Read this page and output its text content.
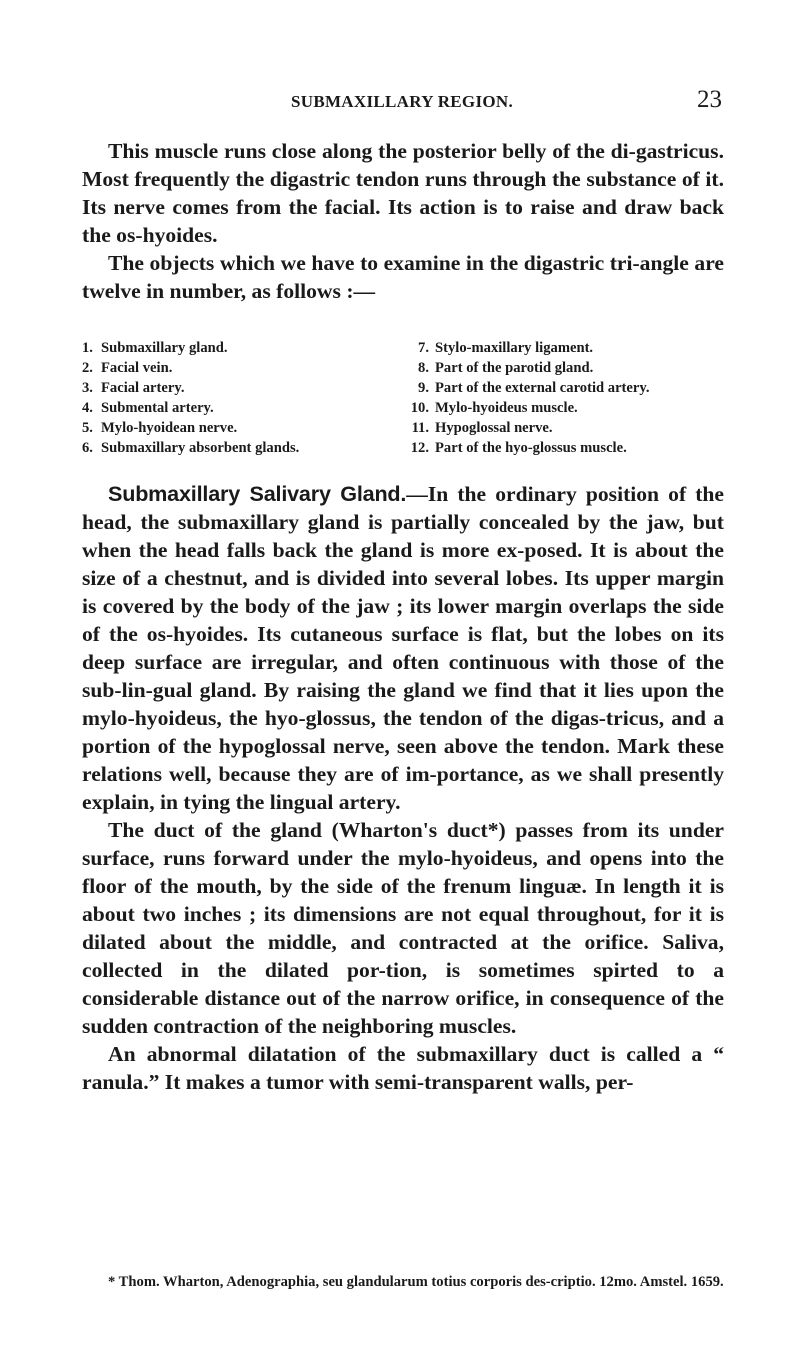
SUBMAXILLARY REGION.	23

This muscle runs close along the posterior belly of the di-gastricus. Most frequently the digastric tendon runs through the substance of it. Its nerve comes from the facial. Its action is to raise and draw back the os-hyoides.

The objects which we have to examine in the digastric tri-angle are twelve in number, as follows :—

1. Submaxillary gland.	7. Stylo-maxillary ligament.
2. Facial vein.	8. Part of the parotid gland.
3. Facial artery.	9. Part of the external carotid artery.
4. Submental artery.	10. Mylo-hyoideus muscle.
5. Mylo-hyoidean nerve.	11. Hypoglossal nerve.
6. Submaxillary absorbent glands.	12. Part of the hyo-glossus muscle.

Submaxillary Salivary Gland.—In the ordinary position of the head, the submaxillary gland is partially concealed by the jaw, but when the head falls back the gland is more ex-posed. It is about the size of a chestnut, and is divided into several lobes. Its upper margin is covered by the body of the jaw ; its lower margin overlaps the side of the os-hyoides. Its cutaneous surface is flat, but the lobes on its deep surface are irregular, and often continuous with those of the sub-lin-gual gland. By raising the gland we find that it lies upon the mylo-hyoideus, the hyo-glossus, the tendon of the digas-tricus, and a portion of the hypoglossal nerve, seen above the tendon. Mark these relations well, because they are of im-portance, as we shall presently explain, in tying the lingual artery.

The duct of the gland (Wharton's duct*) passes from its under surface, runs forward under the mylo-hyoideus, and opens into the floor of the mouth, by the side of the frenum linguæ. In length it is about two inches ; its dimensions are not equal throughout, for it is dilated about the middle, and contracted at the orifice. Saliva, collected in the dilated por-tion, is sometimes spirted to a considerable distance out of the narrow orifice, in consequence of the sudden contraction of the neighboring muscles.

An abnormal dilatation of the submaxillary duct is called a “ ranula.” It makes a tumor with semi-transparent walls, per-

* Thom. Wharton, Adenographia, seu glandularum totius corporis des-criptio. 12mo. Amstel. 1659.
